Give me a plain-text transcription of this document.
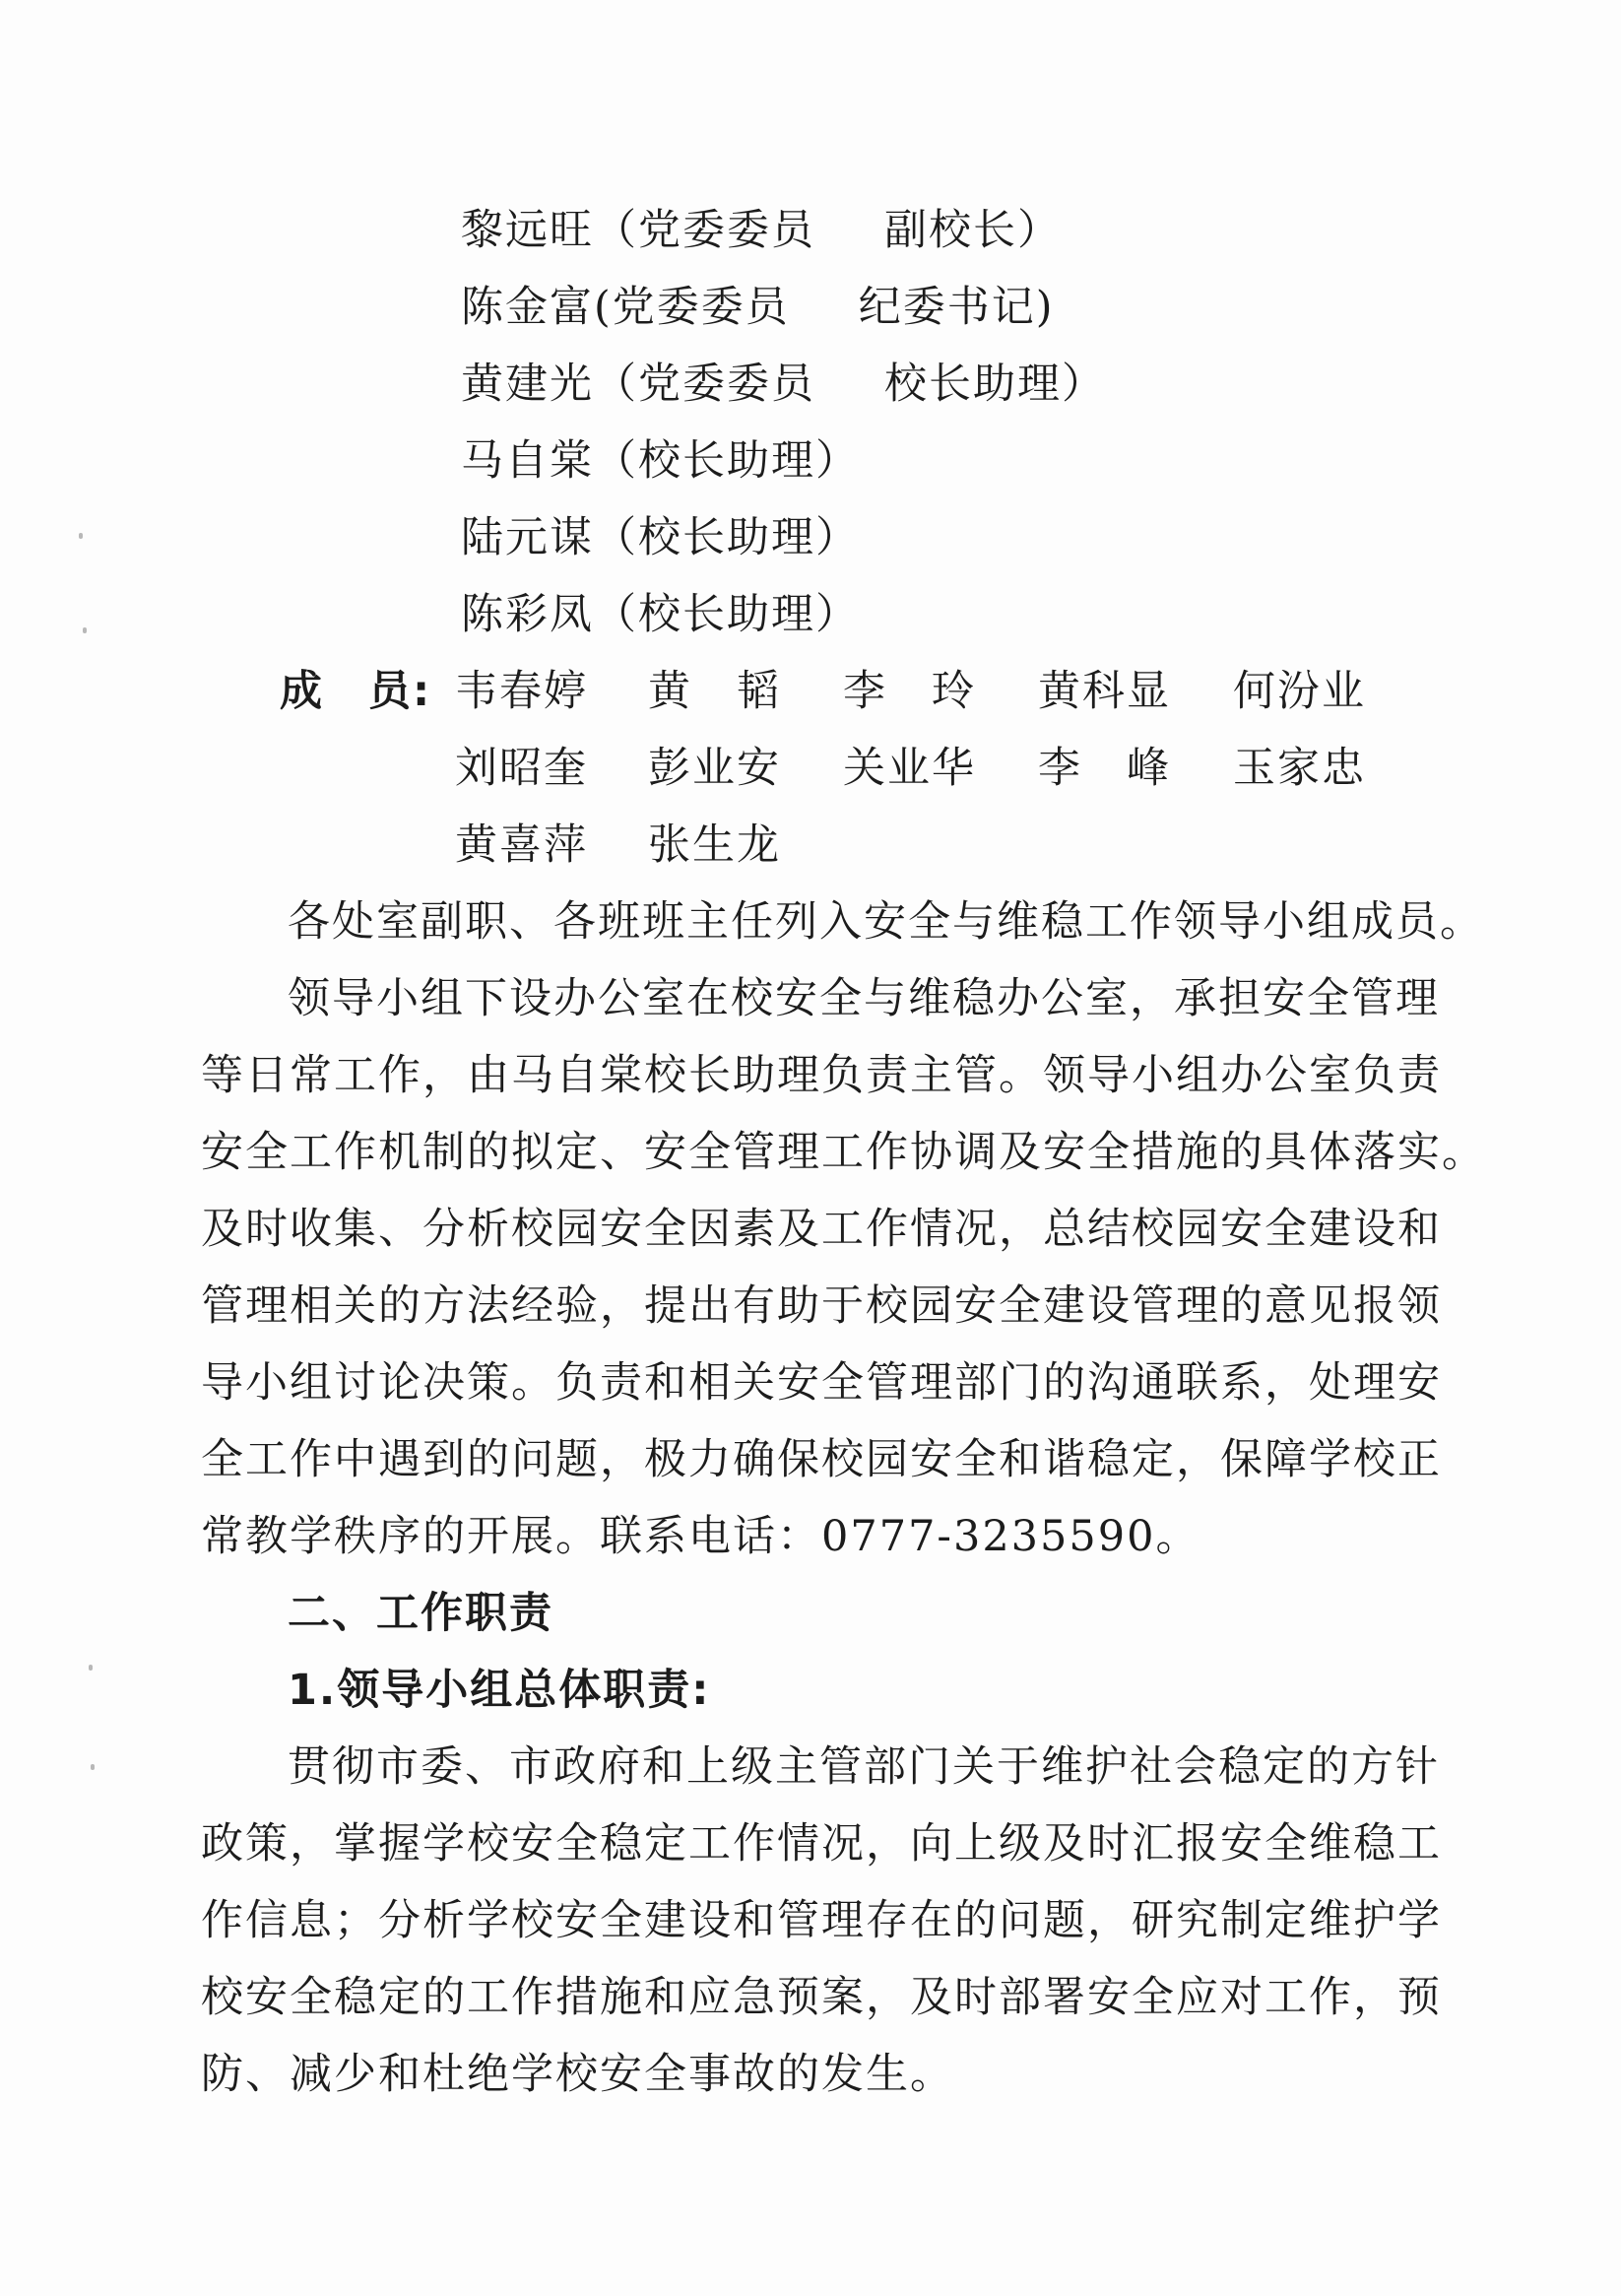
黎远旺（党委委员 副校长）
陈金富(党委委员 纪委书记)
黄建光（党委委员 校长助理）
马自棠（校长助理）
陆元谋（校长助理）
陈彩凤（校长助理）
成　员: 韦春婷 黄　韬 李　玲 黄科显 何汾业
刘昭奎 彭业安 关业华 李　峰 玉家忠
黄喜萍 张生龙
各处室副职、各班班主任列入安全与维稳工作领导小组成员。
领导小组下设办公室在校安全与维稳办公室，承担安全管理
等日常工作，由马自棠校长助理负责主管。领导小组办公室负责
安全工作机制的拟定、安全管理工作协调及安全措施的具体落实。
及时收集、分析校园安全因素及工作情况，总结校园安全建设和
管理相关的方法经验，提出有助于校园安全建设管理的意见报领
导小组讨论决策。负责和相关安全管理部门的沟通联系，处理安
全工作中遇到的问题，极力确保校园安全和谐稳定，保障学校正
常教学秩序的开展。联系电话：0777-3235590。
二、工作职责
1.领导小组总体职责:
贯彻市委、市政府和上级主管部门关于维护社会稳定的方针
政策，掌握学校安全稳定工作情况，向上级及时汇报安全维稳工
作信息；分析学校安全建设和管理存在的问题，研究制定维护学
校安全稳定的工作措施和应急预案，及时部署安全应对工作，预
防、减少和杜绝学校安全事故的发生。
